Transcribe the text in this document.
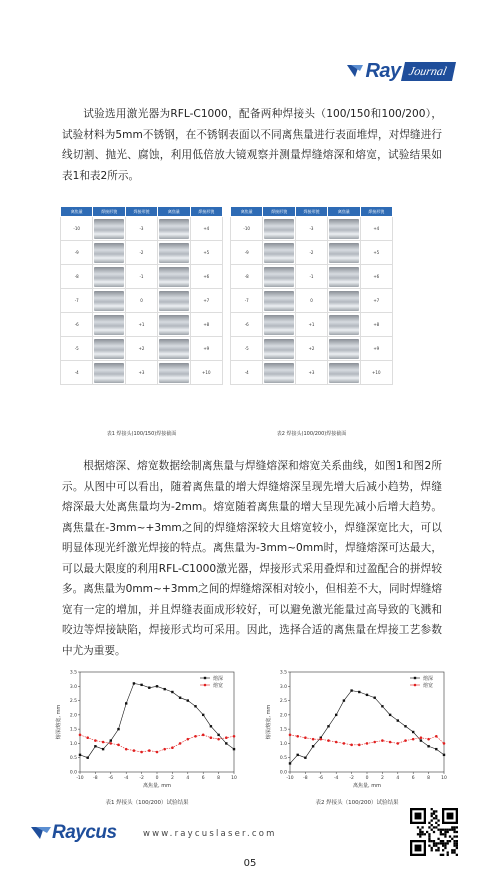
Ray Journal

试验选用激光器为RFL-C1000，配备两种焊接头（100/150和100/200），试验材料为5mm不锈钢，在不锈钢表面以不同离焦量进行表面堆焊，对焊缝进行线切割、抛光、腐蚀，利用低倍放大镜观察并测量焊缝熔深和熔宽，试验结果如表1和表2所示。

离焦量	焊接形貌	焊接形貌	离焦量	焊接形貌
-10		-3		+4
-9		-2		+5
-8		-1		+6
-7		0		+7
-6		+1		+8
-5		+2		+9
-4		+3		+10
离焦量	焊接形貌	焊接形貌	离焦量	焊接形貌
-10		-3		+4
-9		-2		+5
-8		-1		+6
-7		0		+7
-6		+1		+8
-5		+2		+9
-4		+3		+10
表1 焊接头(100/150)焊接截面	表2 焊接头(100/200)焊接截面

根据熔深、熔宽数据绘制离焦量与焊缝熔深和熔宽关系曲线，如图1和图2所示。从图中可以看出，随着离焦量的增大焊缝熔深呈现先增大后减小趋势，焊缝熔深最大处离焦量均为-2mm。熔宽随着离焦量的增大呈现先减小后增大趋势。离焦量在-3mm~+3mm之间的焊缝熔深较大且熔宽较小，焊缝深宽比大，可以明显体现光纤激光焊接的特点。离焦量为-3mm~0mm时，焊缝熔深可达最大，可以最大限度的利用RFL-C1000激光器，焊接形式采用叠焊和过盈配合的拼焊较多。离焦量为0mm~+3mm之间的焊缝熔深相对较小，但相差不大，同时焊缝熔宽有一定的增加，并且焊缝表面成形较好，可以避免激光能量过高导致的飞溅和咬边等焊接缺陷，焊接形式均可采用。因此，选择合适的离焦量在焊接工艺参数中尤为重要。

0.0
0.5
1.0
1.5
2.0
2.5
3.0
3.5
-10 -8 -6 -4 -2	0	2	4	6	8 10
离焦量, mm
熔深/熔宽, mm
熔深
熔宽
表1 焊接头（100/200）试验结果
0.0
0.5
1.0
1.5
2.0
2.5
3.0
3.5
-10 -8 -6 -4 -2	0	2	4	6	8 10
离焦量, mm
熔深/熔宽, mm
熔深
熔宽
表2 焊接头（100/200）试验结果
Raycus	www.raycuslaser.com
05
